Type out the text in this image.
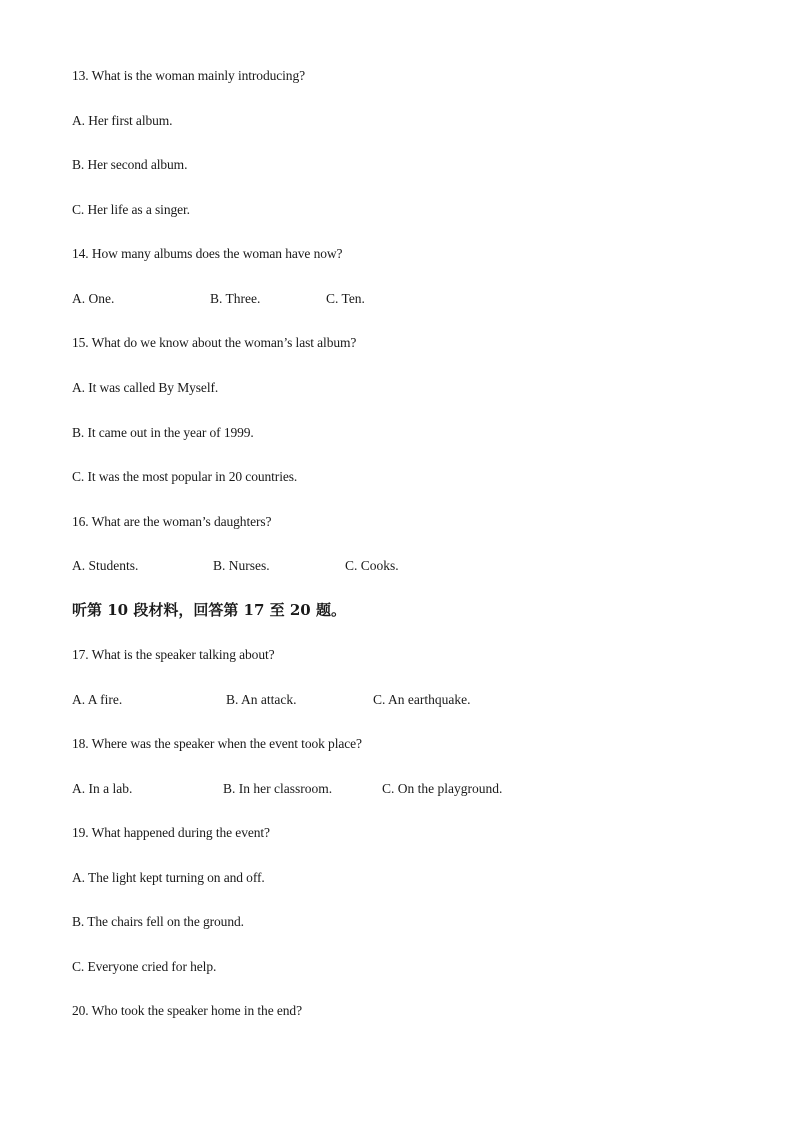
13. What is the woman mainly introducing?
A. Her first album.
B. Her second album.
C. Her life as a singer.
14. How many albums does the woman have now?
A. One.	B. Three.	C. Ten.
15. What do we know about the woman’s last album?
A. It was called By Myself.
B. It came out in the year of 1999.
C. It was the most popular in 20 countries.
16. What are the woman’s daughters?
A. Students.	B. Nurses.	C. Cooks.
听第 10 段材料，回答第 17 至 20 题。
17. What is the speaker talking about?
A. A fire.	B. An attack.	C. An earthquake.
18. Where was the speaker when the event took place?
A. In a lab.	B. In her classroom.	C. On the playground.
19. What happened during the event?
A. The light kept turning on and off.
B. The chairs fell on the ground.
C. Everyone cried for help.
20. Who took the speaker home in the end?
